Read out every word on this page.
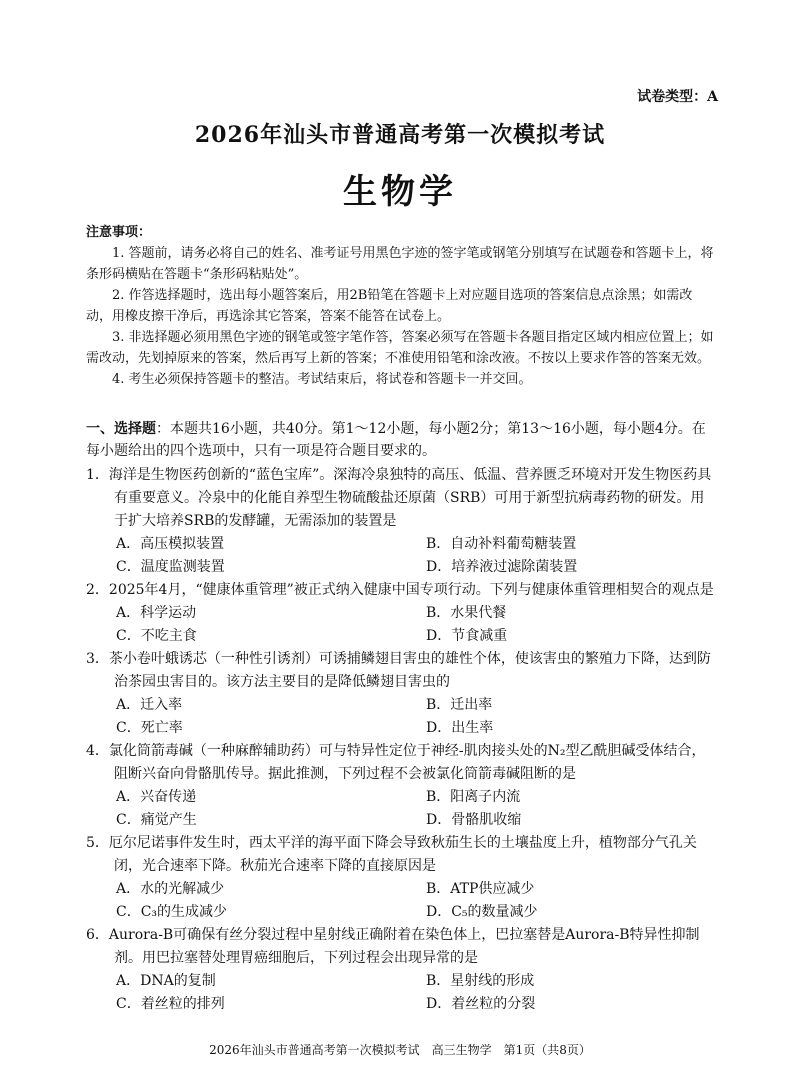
试卷类型：A
2026年汕头市普通高考第一次模拟考试
生物学
注意事项：
1. 答题前，请务必将自己的姓名、准考证号用黑色字迹的签字笔或钢笔分别填写在试题卷和答题卡上，将条形码横贴在答题卡“条形码粘贴处”。
2. 作答选择题时，选出每小题答案后，用2B铅笔在答题卡上对应题目选项的答案信息点涂黑；如需改动，用橡皮擦干净后，再选涂其它答案，答案不能答在试卷上。
3. 非选择题必须用黑色字迹的钢笔或签字笔作答，答案必须写在答题卡各题目指定区域内相应位置上；如需改动，先划掉原来的答案，然后再写上新的答案；不准使用铅笔和涂改液。不按以上要求作答的答案无效。
4. 考生必须保持答题卡的整洁。考试结束后，将试卷和答题卡一并交回。
一、选择题：本题共16小题，共40分。第1～12小题，每小题2分；第13～16小题，每小题4分。在每小题给出的四个选项中，只有一项是符合题目要求的。
1．海洋是生物医药创新的“蓝色宝库”。深海冷泉独特的高压、低温、营养匮乏环境对开发生物医药具有重要意义。冷泉中的化能自养型生物硫酸盐还原菌（SRB）可用于新型抗病毒药物的研发。用于扩大培养SRB的发酵罐，无需添加的装置是
A．高压模拟装置	B．自动补料葡萄糖装置
C．温度监测装置	D．培养液过滤除菌装置
2．2025年4月，“健康体重管理”被正式纳入健康中国专项行动。下列与健康体重管理相契合的观点是
A．科学运动	B．水果代餐
C．不吃主食	D．节食减重
3．茶小卷叶蛾诱芯（一种性引诱剂）可诱捕鳞翅目害虫的雄性个体，使该害虫的繁殖力下降，达到防治茶园虫害目的。该方法主要目的是降低鳞翅目害虫的
A．迁入率	B．迁出率
C．死亡率	D．出生率
4．氯化筒箭毒碱（一种麻醉辅助药）可与特异性定位于神经-肌肉接头处的N₂型乙酰胆碱受体结合，阻断兴奋向骨骼肌传导。据此推测，下列过程不会被氯化筒箭毒碱阻断的是
A．兴奋传递	B．阳离子内流
C．痛觉产生	D．骨骼肌收缩
5．厄尔尼诺事件发生时，西太平洋的海平面下降会导致秋茄生长的土壤盐度上升，植物部分气孔关闭，光合速率下降。秋茄光合速率下降的直接原因是
A．水的光解减少	B．ATP供应减少
C．C₃的生成减少	D．C₅的数量减少
6．Aurora-B可确保有丝分裂过程中星射线正确附着在染色体上，巴拉塞替是Aurora-B特异性抑制剂。用巴拉塞替处理胃癌细胞后，下列过程会出现异常的是
A．DNA的复制	B．星射线的形成
C．着丝粒的排列	D．着丝粒的分裂
2026年汕头市普通高考第一次模拟考试　高三生物学　第1页（共8页）
